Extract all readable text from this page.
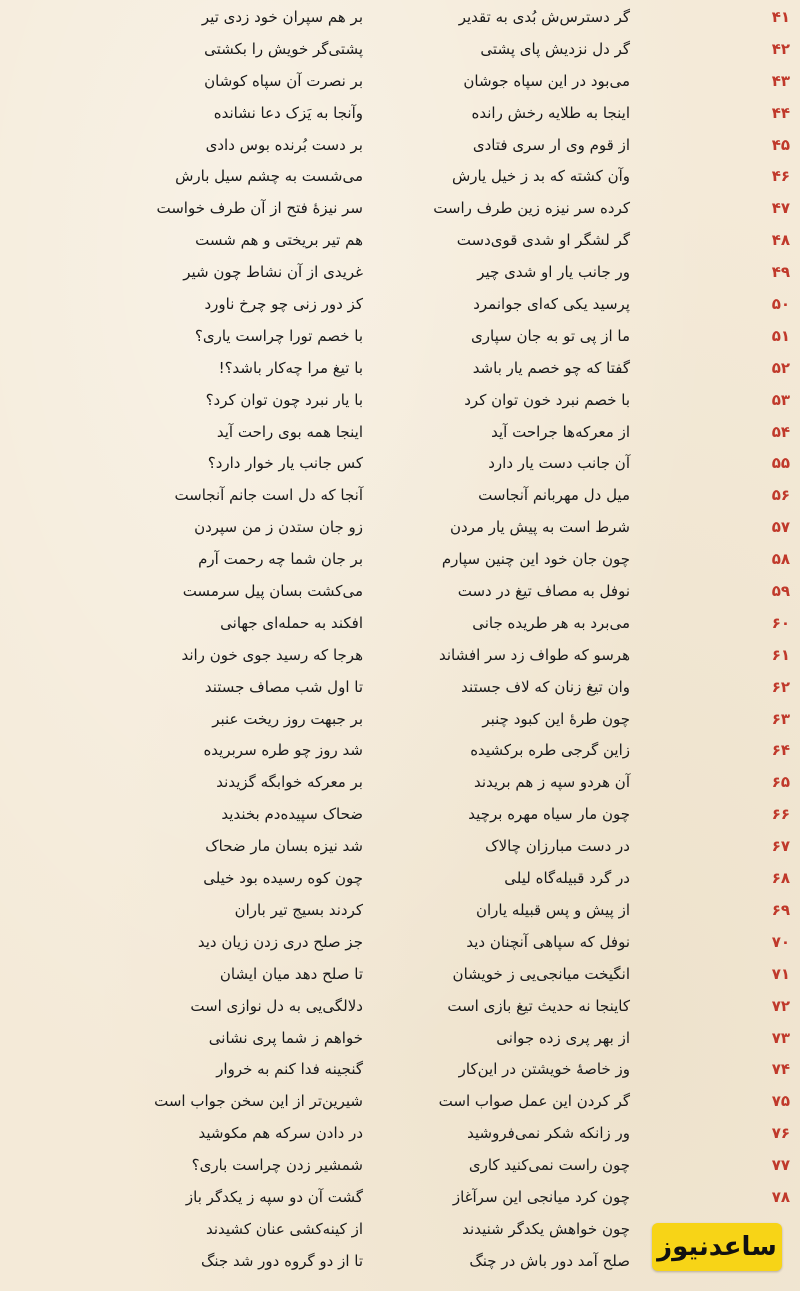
۴۱
گر دسترس‌ش بُدی به تقدیر
بر هم سپران خود زدی تیر
۴۲
گر دل نزدیش پای پشتی
پشتی‌گر خویش را بکشتی
۴۳
می‌بود در این سپاه جوشان
بر نصرت آن سپاه کوشان
۴۴
اینجا به طلایه رخش رانده
وآنجا به یَزک دعا نشانده
۴۵
از قوم وی ار سری فتادی
بر دست بُرنده بوس دادی
۴۶
وآن کشته که بد ز خیل یارش
می‌شست به چشم سیل بارش
۴۷
کرده سر نیزه زین طرف راست
سر نیزهٔ فتح از آن طرف خواست
۴۸
گر لشگر او شدی قوی‌دست
هم تیر بریختی و هم شست
۴۹
ور جانب یار او شدی چیر
غریدی از آن نشاط چون شیر
۵۰
پرسید یکی که‌ای جوانمرد
کز دور زنی چو چرخ ناورد
۵۱
ما از پی تو به جان سپاری
با خصم تورا چراست یاری؟
۵۲
گفتا که چو خصم یار باشد
با تیغ مرا چه‌کار باشد؟!
۵۳
با خصم نبرد خون توان کرد
با یار نبرد چون توان کرد؟
۵۴
از معرکه‌ها جراحت آید
اینجا همه بوی راحت آید
۵۵
آن جانب دست یار دارد
کس جانب یار خوار دارد؟
۵۶
میل دل مهربانم آنجاست
آنجا که دل است جانم آنجاست
۵۷
شرط است به پیش یار مردن
زو جان ستدن ز من سپردن
۵۸
چون جان خود این چنین سپارم
بر جان شما چه رحمت آرم
۵۹
نوفل به مصاف تیغ در دست
می‌کشت بسان پیل سرمست
۶۰
می‌برد به هر طریده جانی
افکند به حمله‌ای جهانی
۶۱
هرسو که طواف زد سر افشاند
هرجا که رسید جوی خون راند
۶۲
وان تیغ زنان که لاف جستند
تا اول شب مصاف جستند
۶۳
چون طرهٔ این کبود چنبر
بر جبهت روز ریخت عنبر
۶۴
زاین گرجی طره برکشیده
شد روز چو طره سربریده
۶۵
آن هردو سپه ز هم بریدند
بر معرکه خوابگه گزیدند
۶۶
چون مار سیاه مهره برچید
ضحاک سپیده‌دم بخندید
۶۷
در دست مبارزان چالاک
شد نیزه بسان مار ضحاک
۶۸
در گرد قبیله‌گاه لیلی
چون کوه رسیده بود خیلی
۶۹
از پیش و پس قبیله یاران
کردند بسیج تیر باران
۷۰
نوفل که سپاهی آنچنان دید
جز صلح دری زدن زیان دید
۷۱
انگیخت میانجی‌یی ز خویشان
تا صلح دهد میان ایشان
۷۲
کاینجا نه حدیث تیغ بازی است
دلالگی‌یی به دل نوازی است
۷۳
از بهر پری زده جوانی
خواهم ز شما پری نشانی
۷۴
وز خاصهٔ خویشتن در این‌کار
گنجینه فدا کنم به خروار
۷۵
گر کردن این عمل صواب است
شیرین‌تر از این سخن جواب است
۷۶
ور زانکه شکر نمی‌فروشید
در دادن سرکه هم مکوشید
۷۷
چون راست نمی‌کنید کاری
شمشیر زدن چراست باری؟
۷۸
چون کرد میانجی این سرآغاز
گشت آن دو سپه ز یکدگر باز
چون خواهش یکدگر شنیدند
از کینه‌کشی عنان کشیدند
صلح آمد دور باش در چنگ
تا از دو گروه دور شد جنگ	ساعدنیوز
